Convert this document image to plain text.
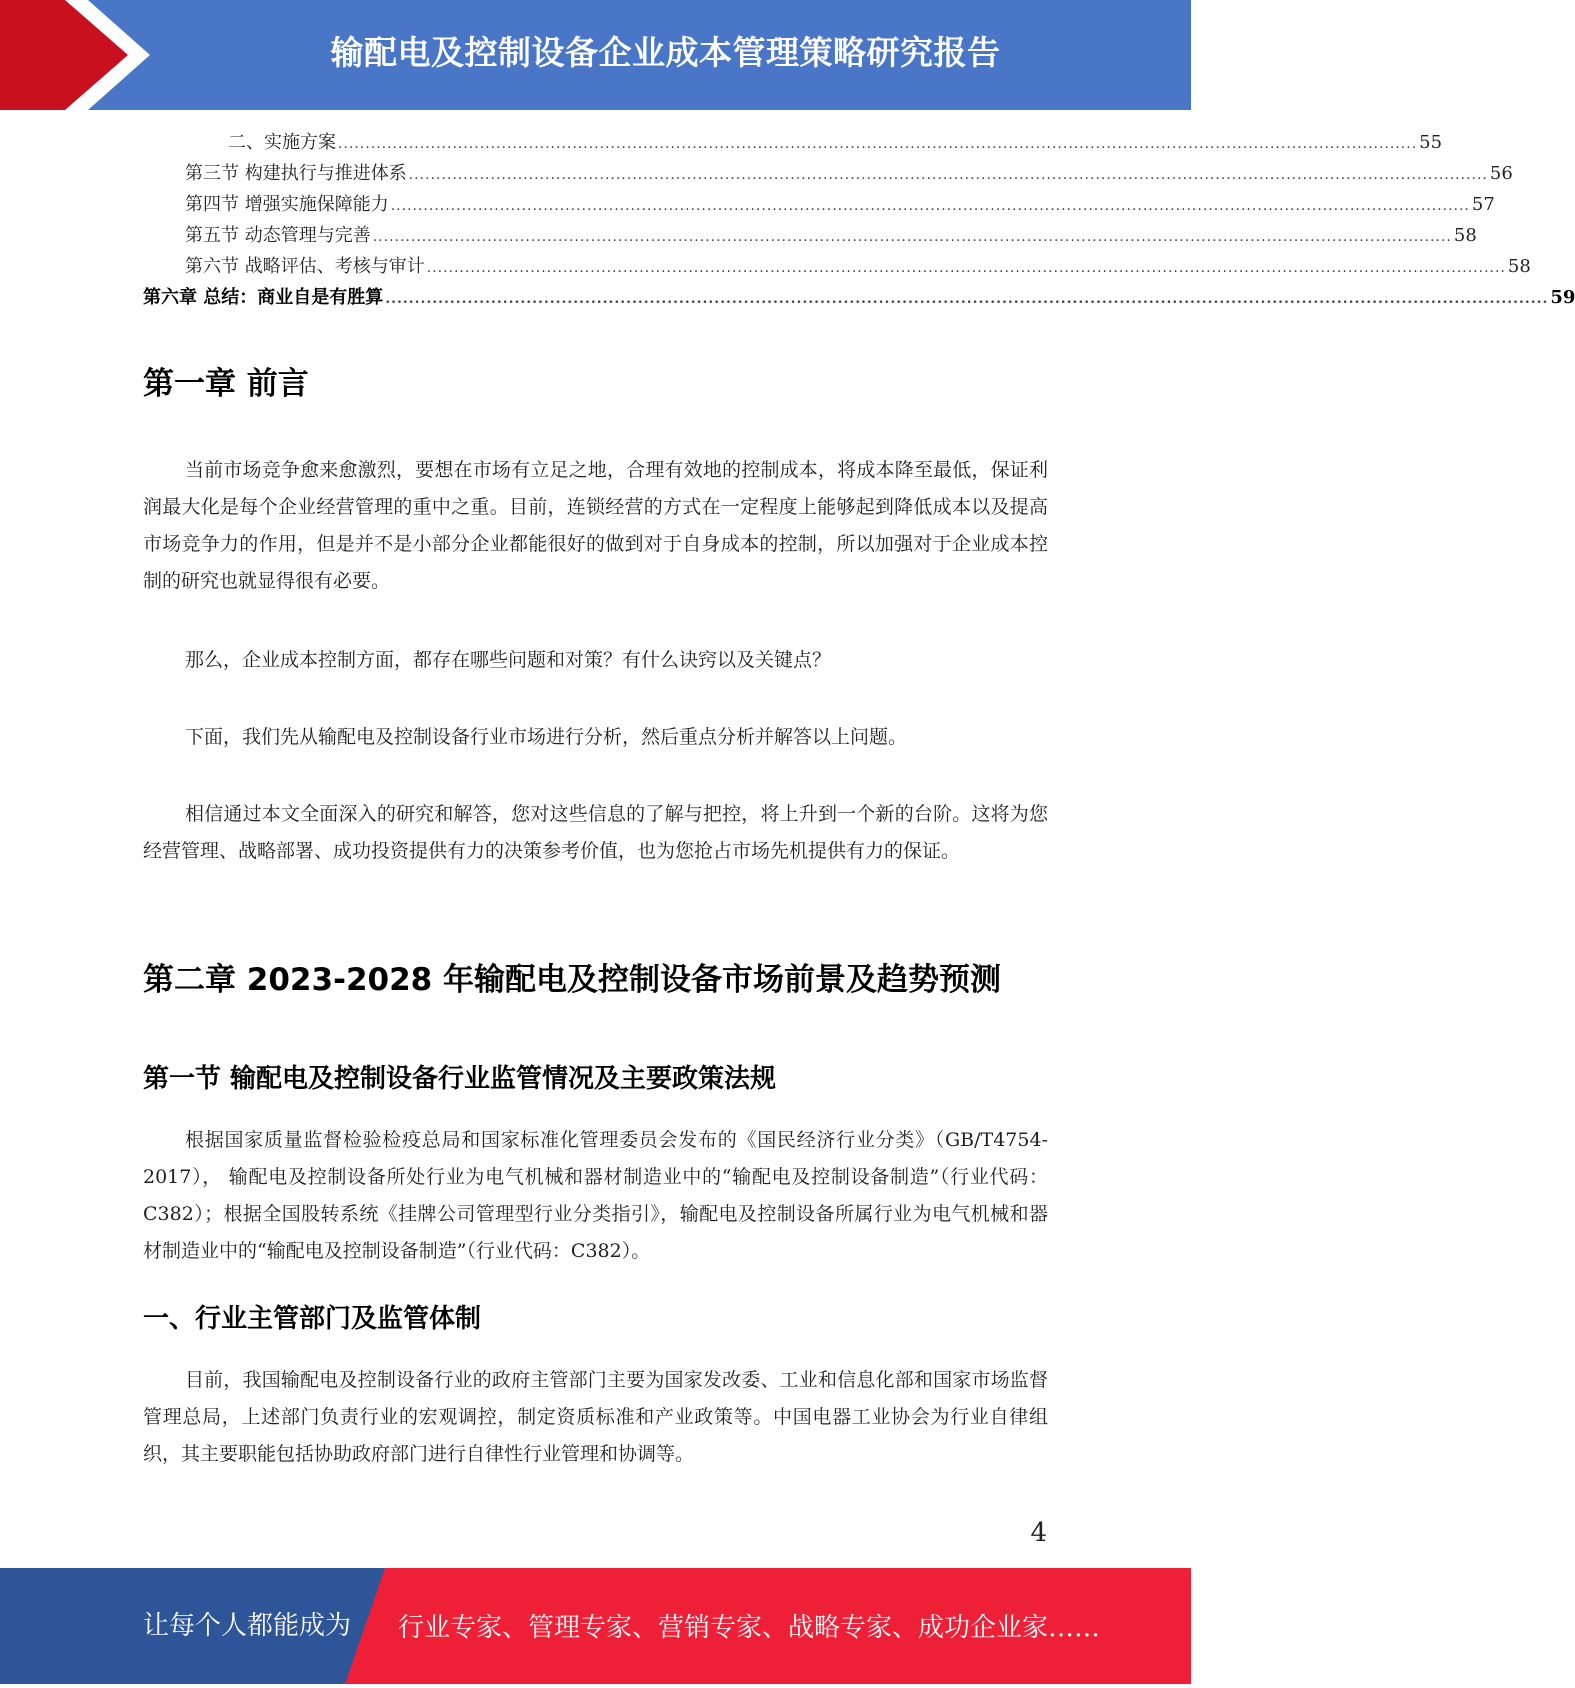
输配电及控制设备企业成本管理策略研究报告
二、实施方案 ...................................................................................................................................................................................................... 55
第三节 构建执行与推进体系 ...................................................................................................................................................................................................... 56
第四节 增强实施保障能力 ...................................................................................................................................................................................................... 57
第五节 动态管理与完善 ...................................................................................................................................................................................................... 58
第六节 战略评估、考核与审计 ...................................................................................................................................................................................................... 58
第六章 总结：商业自是有胜算 ...................................................................................................................................................................................................... 59
第一章 前言

当前市场竞争愈来愈激烈，要想在市场有立足之地，合理有效地的控制成本，将成本降至最低，保证利润最大化是每个企业经营管理的重中之重。目前，连锁经营的方式在一定程度上能够起到降低成本以及提高市场竞争力的作用，但是并不是小部分企业都能很好的做到对于自身成本的控制，所以加强对于企业成本控制的研究也就显得很有必要。

那么，企业成本控制方面，都存在哪些问题和对策？有什么诀窍以及关键点？

下面，我们先从输配电及控制设备行业市场进行分析，然后重点分析并解答以上问题。

相信通过本文全面深入的研究和解答，您对这些信息的了解与把控，将上升到一个新的台阶。这将为您经营管理、战略部署、成功投资提供有力的决策参考价值，也为您抢占市场先机提供有力的保证。

第二章 2023-2028 年输配电及控制设备市场前景及趋势预测
第一节 输配电及控制设备行业监管情况及主要政策法规

根据国家质量监督检验检疫总局和国家标准化管理委员会发布的《国民经济行业分类》（GB/T4754-2017）， 输配电及控制设备所处行业为电气机械和器材制造业中的“输配电及控制设备制造”（行业代码：C382）；根据全国股转系统《挂牌公司管理型行业分类指引》，输配电及控制设备所属行业为电气机械和器材制造业中的“输配电及控制设备制造”（行业代码：C382）。

一、行业主管部门及监管体制

目前，我国输配电及控制设备行业的政府主管部门主要为国家发改委、工业和信息化部和国家市场监督管理总局，上述部门负责行业的宏观调控，制定资质标准和产业政策等。中国电器工业协会为行业自律组织，其主要职能包括协助政府部门进行自律性行业管理和协调等。

4
让每个人都能成为 行业专家、管理专家、营销专家、战略专家、成功企业家……
